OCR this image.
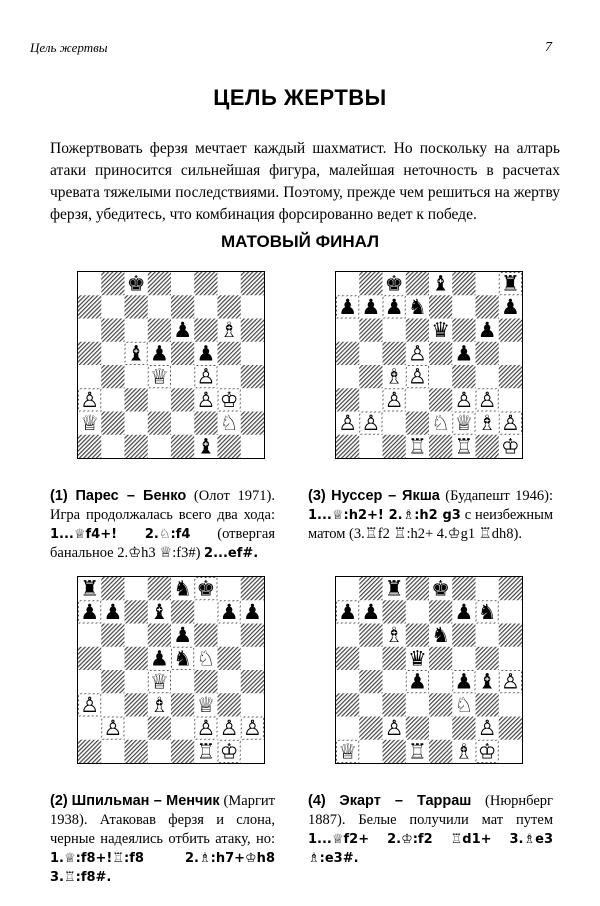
Цель жертвы	7
ЦЕЛЬ ЖЕРТВЫ
Пожертвовать ферзя мечтает каждый шахматист. Но поскольку на алтарь атаки приносится сильнейшая фигура, малейшая неточность в расчетах чревата тяжелыми последствиями. Поэтому, прежде чем решиться на жертву ферзя, убедитесь, что комбинация форсированно ведет к победе.
МАТОВЫЙ ФИНАЛ
♚
♟ ♗
♝ ♟ ♟
♕ ♙
♙	♙ ♔
♕	♘
♝
♚ ♝ ♜
♟ ♟ ♟ ♞	♟
♛ ♟
♙ ♟
♗ ♙
♙ ♙ ♙
♙ ♙ ♘ ♕ ♗ ♙
♖ ♖ ♔
♜	♞ ♚
♟ ♟ ♝ ♟ ♟
♟
♟ ♞ ♘
♕
♙ ♗ ♕
♙	♙ ♙ ♙
♖ ♔
♜ ♚
♟ ♟	♟ ♞
♗ ♞
♛
♟ ♟ ♝ ♙
♘
♙	♙
♕ ♖ ♗ ♔
(1) Парес – Бенко (Олот 1971). Игра продолжалась всего два хода: 1...♕f4+! 2.♘:f4 (отвергая банальное 2.♔h3 ♕:f3#) 2...ef#.
(3) Нуссер – Якша (Будапешт 1946): 1...♕:h2+! 2.♗:h2 g3 с неизбежным матом (3.♖f2 ♖:h2+ 4.♔g1 ♖dh8).
(2) Шпильман – Менчик (Маргит 1938). Атаковав ферзя и слона, черные надеялись отбить атаку, но: 1.♕:f8+!♖:f8 2.♗:h7+♔h8 3.♖:f8#.
(4) Экарт – Тарраш (Нюрнберг 1887). Белые получили мат путем 1...♕f2+ 2.♔:f2 ♖d1+ 3.♗e3 ♗:e3#.
